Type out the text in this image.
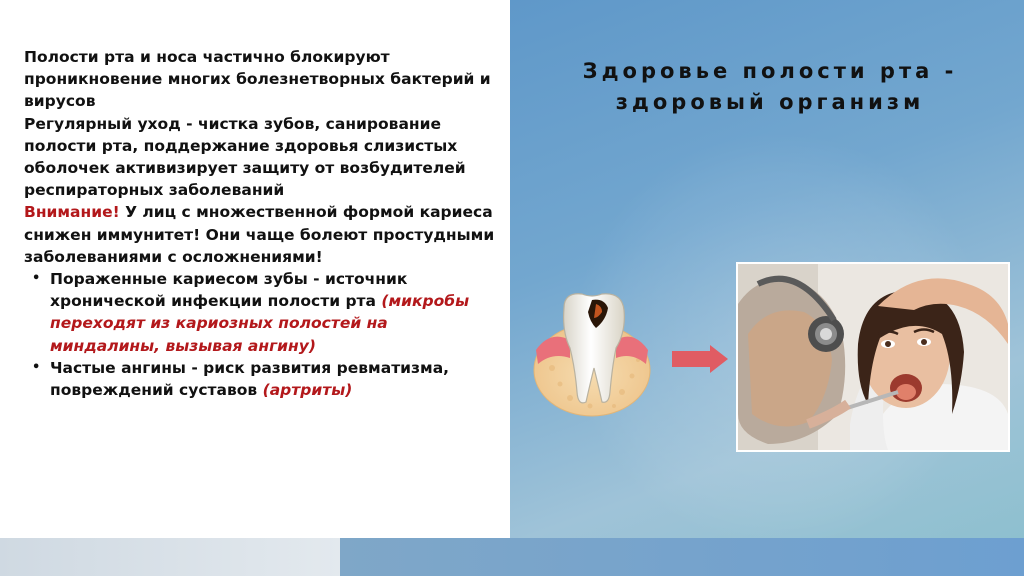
Здоровье полости рта -
здоровый организм

Полости рта и носа частично блокируют проникновение многих болезнетворных бактерий и вирусов

Регулярный уход - чистка зубов, санирование полости рта, поддержание здоровья слизистых оболочек активизирует защиту от возбудителей респираторных заболеваний

Внимание! У лиц с множественной формой кариеса снижен иммунитет! Они чаще болеют простудными заболеваниями с осложнениями!

• Пораженные кариесом зубы - источник хронической инфекции полости рта (микробы переходят из кариозных полостей на миндалины, вызывая ангину)
• Частые ангины - риск развития ревматизма, повреждений суставов (артриты)
